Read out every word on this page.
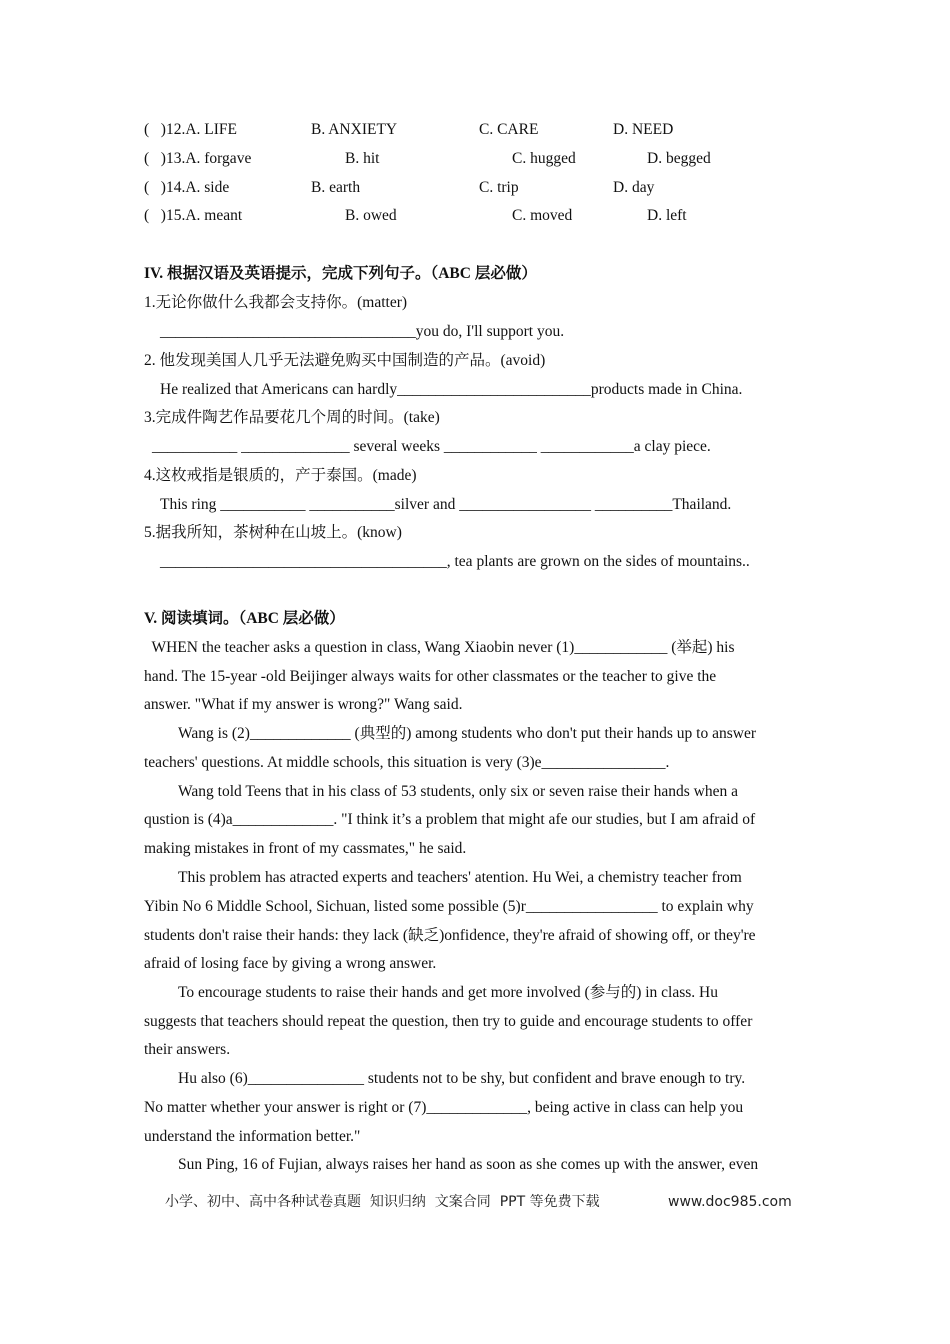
(   )12.A. LIFE	B. ANXIETY	C. CARE	D. NEED
(   )13.A. forgave	B. hit	C. hugged	D. begged
(   )14.A. side	B. earth	C. trip	D. day
(   )15.A. meant	B. owed	C. moved	D. left
IV. 根据汉语及英语提示，完成下列句子。（ABC 层必做）
1.无论你做什么我都会支持你。(matter)
_________________________________you do, I'll support you.
2. 他发现美国人几乎无法避免购买中国制造的产品。(avoid)
He realized that Americans can hardly_________________________products made in China.
3.完成件陶艺作品要花几个周的时间。(take)
___________ ______________ several weeks ____________ ____________a clay piece.
4.这枚戒指是银质的，产于泰国。(made)
This ring ___________ ___________silver and _________________ __________Thailand.
5.据我所知，茶树种在山坡上。(know)
_____________________________________, tea plants are grown on the sides of mountains..
V. 阅读填词。（ABC 层必做）
WHEN the teacher asks a question in class, Wang Xiaobin never (1)____________ (举起) his
hand. The 15-year -old Beijinger always waits for other classmates or the teacher to give the
answer. "What if my answer is wrong?" Wang said.
Wang is (2)_____________ (典型的) among students who don't put their hands up to answer
teachers' questions. At middle schools, this situation is very (3)e________________.
Wang told Teens that in his class of 53 students, only six or seven raise their hands when a
qustion is (4)a_____________. "I think it’s a problem that might afe our studies, but I am afraid of
making mistakes in front of my cassmates," he said.
This problem has atracted experts and teachers' atention. Hu Wei, a chemistry teacher from
Yibin No 6 Middle School, Sichuan, listed some possible (5)r_________________ to explain why
students don't raise their hands: they lack (缺乏)onfidence, they're afraid of showing off, or they're
afraid of losing face by giving a wrong answer.
To encourage students to raise their hands and get more involved (参与的) in class. Hu
suggests that teachers should repeat the question, then try to guide and encourage students to offer
their answers.
Hu also (6)_______________ students not to be shy, but confident and brave enough to try.
No matter whether your answer is right or (7)_____________, being active in class can help you
understand the information better."
Sun Ping, 16 of Fujian, always raises her hand as soon as she comes up with the answer, even
小学、初中、高中各种试卷真题  知识归纳  文案合同  PPT 等免费下载	www.doc985.com
